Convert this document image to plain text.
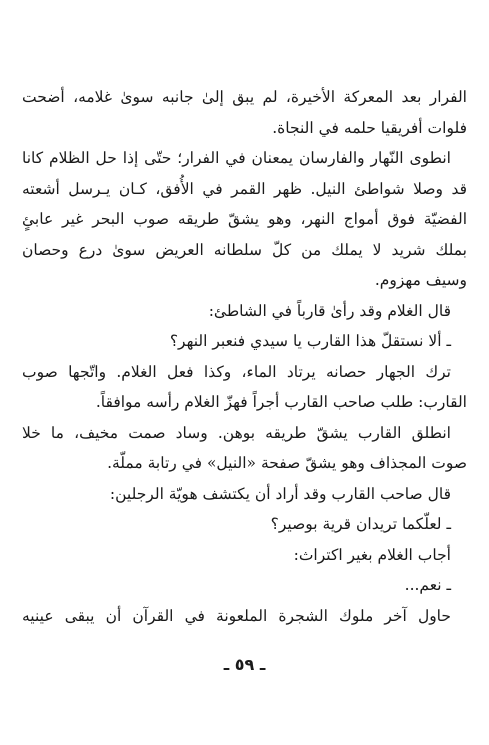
الفرار بعد المعركة الأخيرة، لم يبق إلىٰ جانبه سوىٰ غلامه، أضحت
فلوات أفريقيا حلمه في النجاة.
انطوى النّهار والفارسان يمعنان في الفرار؛ حتّى إذا حل الظلام كانا
قد وصلا شواطئ النيل. ظهر القمر في الأُفق، كـان يـرسل أشعته
الفضيّة فوق أمواج النهر، وهو يشقّ طريقه صوب البحر غير عابئٍ
بملك شريد لا يملك من كلّ سلطانه العريض سوىٰ درع وحصان
وسيف مهزوم.
قال الغلام وقد رأىٰ قارباً في الشاطئ:
ـ ألا نستقلّ هذا القارب يا سيدي فنعبر النهر؟
ترك الجهار حصانه يرتاد الماء، وكذا فعل الغلام. واتّجها صوب
القارب: طلب صاحب القارب أجراً فهزّ الغلام رأسه موافقاً.
انطلق القارب يشقّ طريقه بوهن. وساد صمت مخيف، ما خلا
صوت المجذاف وهو يشقّ صفحة «النيل» في رتابة مملّة.
قال صاحب القارب وقد أراد أن يكتشف هويّة الرجلين:
ـ لعلّكما تريدان قرية بوصير؟
أجاب الغلام بغير اكتراث:
ـ نعم...
حاول آخر ملوك الشجرة الملعونة في القرآن أن يبقى عينيه
ـ ٥٩ ـ
